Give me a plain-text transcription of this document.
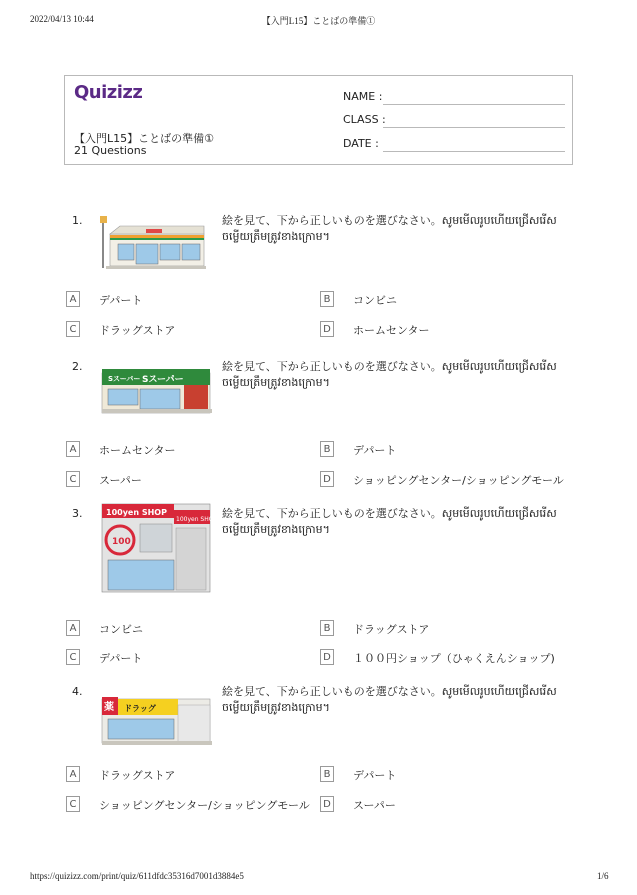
2022/04/13 10:44	【入門L15】ことばの準備①
Quizizz
【入門L15】ことばの準備①
21 Questions
NAME :
CLASS :
DATE :
1.	絵を見て、下から正しいものを選びなさい。សូមមើលរូបហើយជ្រើសរើសចម្លើយត្រឹមត្រូវខាងក្រោម។
A	デパート	B	コンビニ
C	ドラッグストア	D ホームセンター
2.
Sスーパー Sスーパー
絵を見て、下から正しいものを選びなさい。សូមមើលរូបហើយជ្រើសរើសចម្លើយត្រឹមត្រូវខាងក្រោម។
A	ホームセンター	B	デパート
C	スーパー	D ショッピングセンター/ショッピングモール
3.	100yen SHOP
100yen SHOP
100
絵を見て、下から正しいものを選びなさい。សូមមើលរូបហើយជ្រើសរើសចម្លើយត្រឹមត្រូវខាងក្រោម។
A	コンビニ	B	ドラッグストア
C	デパート	D １００円ショップ（ひゃくえんショップ)
4.
薬 ドラッグ
絵を見て、下から正しいものを選びなさい。សូមមើលរូបហើយជ្រើសរើសចម្លើយត្រឹមត្រូវខាងក្រោម។
A	ドラッグストア	B	デパート
C	ショッピングセンター/ショッピングモール	D スーパー
https://quizizz.com/print/quiz/611dfdc35316d7001d3884e5	1/6
